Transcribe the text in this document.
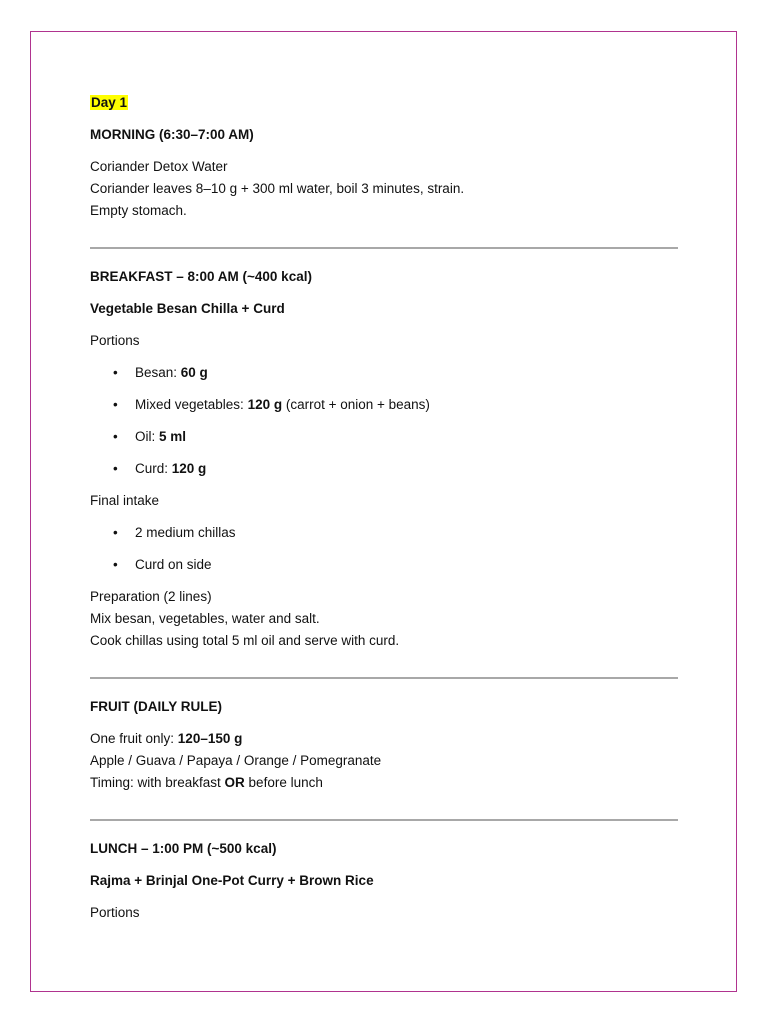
Day 1

MORNING (6:30–7:00 AM)

Coriander Detox Water

Coriander leaves 8–10 g + 300 ml water, boil 3 minutes, strain.

Empty stomach.

BREAKFAST – 8:00 AM (~400 kcal)

Vegetable Besan Chilla + Curd

Portions

• Besan: 60 g
• Mixed vegetables: 120 g (carrot + onion + beans)
• Oil: 5 ml
• Curd: 120 g

Final intake

• 2 medium chillas
• Curd on side

Preparation (2 lines)

Mix besan, vegetables, water and salt.

Cook chillas using total 5 ml oil and serve with curd.

FRUIT (DAILY RULE)

One fruit only: 120–150 g

Apple / Guava / Papaya / Orange / Pomegranate

Timing: with breakfast OR before lunch

LUNCH – 1:00 PM (~500 kcal)

Rajma + Brinjal One-Pot Curry + Brown Rice

Portions
